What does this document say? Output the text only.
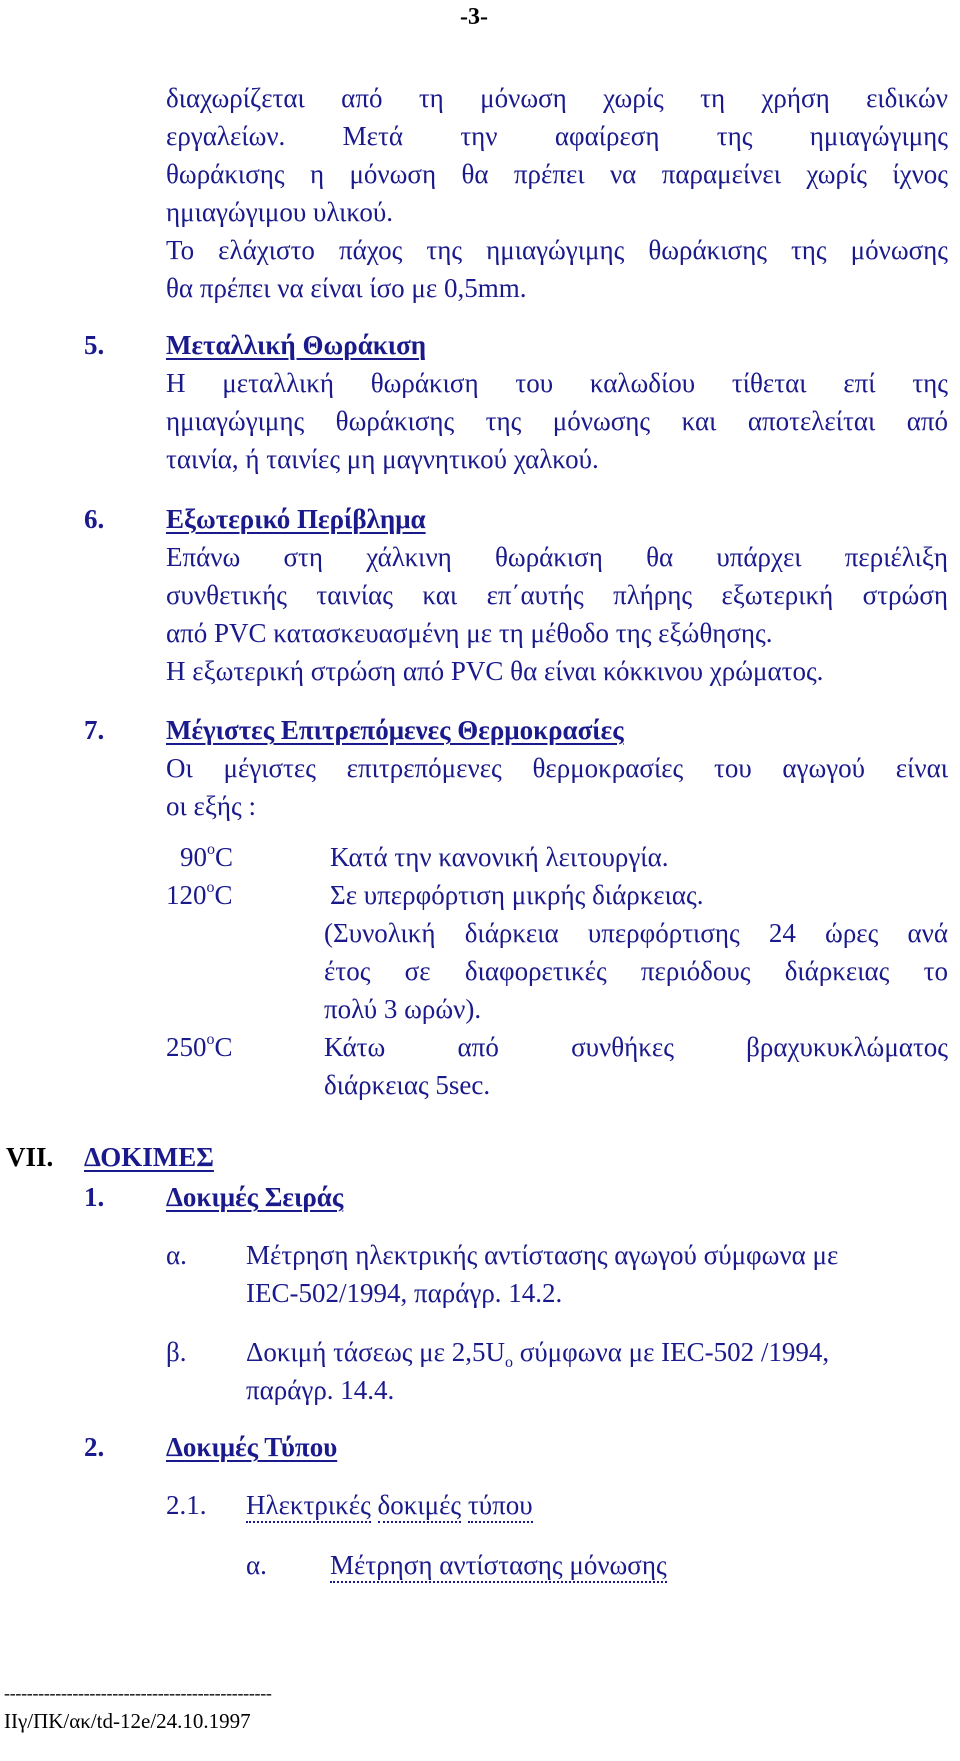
-3-
διαχωρίζεται από τη μόνωση χωρίς τη χρήση ειδικών
εργαλείων. Μετά την αφαίρεση της ημιαγώγιμης
θωράκισης η μόνωση θα πρέπει να παραμείνει χωρίς ίχνος
ημιαγώγιμου υλικού.
Το ελάχιστο πάχος της ημιαγώγιμης θωράκισης της μόνωσης
θα πρέπει να είναι ίσο με 0,5mm.
5. Μεταλλική Θωράκιση
Η μεταλλική θωράκιση του καλωδίου τίθεται επί της
ημιαγώγιμης θωράκισης της μόνωσης και αποτελείται από
ταινία, ή ταινίες μη μαγνητικού χαλκού.
6. Εξωτερικό Περίβλημα
Επάνω στη χάλκινη θωράκιση θα υπάρχει περιέλιξη
συνθετικής ταινίας και επ΄αυτής πλήρης εξωτερική στρώση
από PVC κατασκευασμένη με τη μέθοδο της εξώθησης.
Η εξωτερική στρώση από PVC θα είναι κόκκινου χρώματος.
7. Μέγιστες Επιτρεπόμενες Θερμοκρασίες
Οι μέγιστες επιτρεπόμενες θερμοκρασίες του αγωγού είναι
οι εξής :
90$^o$C	Κατά την κανονική λειτουργία.
120$^o$C	Σε υπερφόρτιση μικρής διάρκειας.
(Συνολική διάρκεια υπερφόρτισης 24 ώρες ανά
έτος σε διαφορετικές περιόδους διάρκειας το
πολύ 3 ωρών).
250$^o$C	Κάτω από συνθήκες βραχυκυκλώματος
διάρκειας 5sec.
VII. ΔΟΚΙΜΕΣ
1. Δοκιμές Σειράς
α. Μέτρηση ηλεκτρικής αντίστασης αγωγού σύμφωνα με
IEC-502/1994, παράγρ. 14.2.
β. Δοκιμή τάσεως με $2,5U_o$ σύμφωνα με IEC-502 /1994,
παράγρ. 14.4.
2. Δοκιμές Τύπου
2.1. Ηλεκτρικές δοκιμές τύπου
α. Μέτρηση αντίστασης μόνωσης
-----------------------------------------------
ΙΙγ/ΠΚ/ακ/td-12e/24.10.1997
